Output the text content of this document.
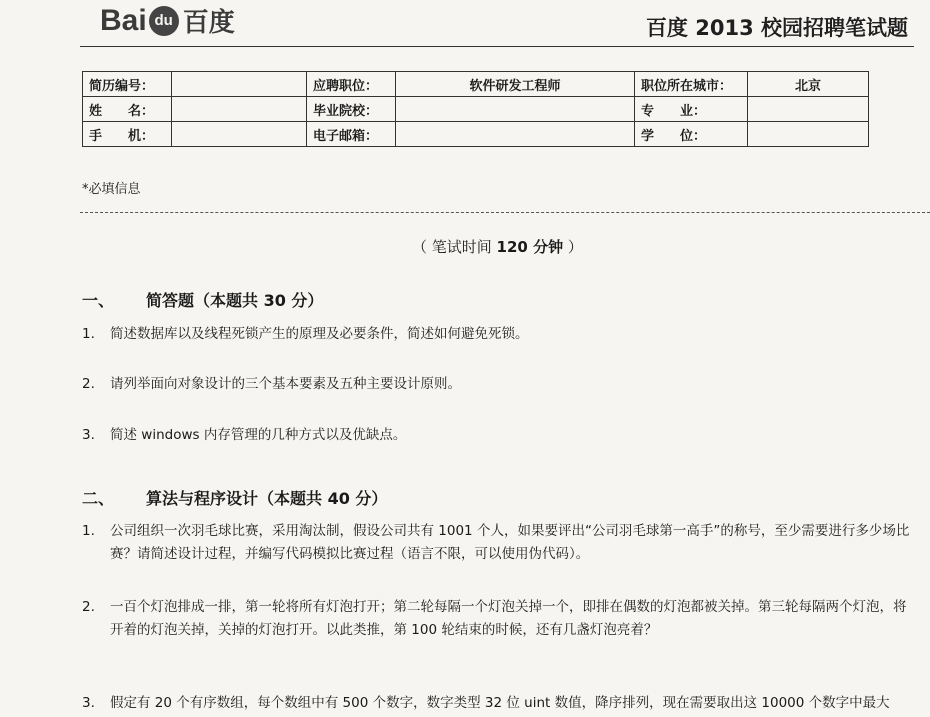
Bai du 百度	百度 2013 校园招聘笔试题
简历编号：		应聘职位：	软件研发工程师	职位所在城市：	北京
姓　　名：		毕业院校：		专　　业：	
手　　机：		电子邮箱：		学　　位：	
*必填信息
（ 笔试时间 120 分钟 ）
一、 简答题（本题共 30 分）
1. 简述数据库以及线程死锁产生的原理及必要条件，简述如何避免死锁。
2. 请列举面向对象设计的三个基本要素及五种主要设计原则。
3. 简述 windows 内存管理的几种方式以及优缺点。
二、 算法与程序设计（本题共 40 分）
1. 公司组织一次羽毛球比赛，采用淘汰制，假设公司共有 1001 个人，如果要评出“公司羽毛球第一高手”的称号，至少需要进行多少场比赛？请简述设计过程，并编写代码模拟比赛过程（语言不限，可以使用伪代码）。
2. 一百个灯泡排成一排，第一轮将所有灯泡打开；第二轮每隔一个灯泡关掉一个，即排在偶数的灯泡都被关掉。第三轮每隔两个灯泡，将开着的灯泡关掉，关掉的灯泡打开。以此类推，第 100 轮结束的时候，还有几盏灯泡亮着？
3. 假定有 20 个有序数组，每个数组中有 500 个数字，数字类型 32 位 uint 数值，降序排列，现在需要取出这 10000 个数字中最大
